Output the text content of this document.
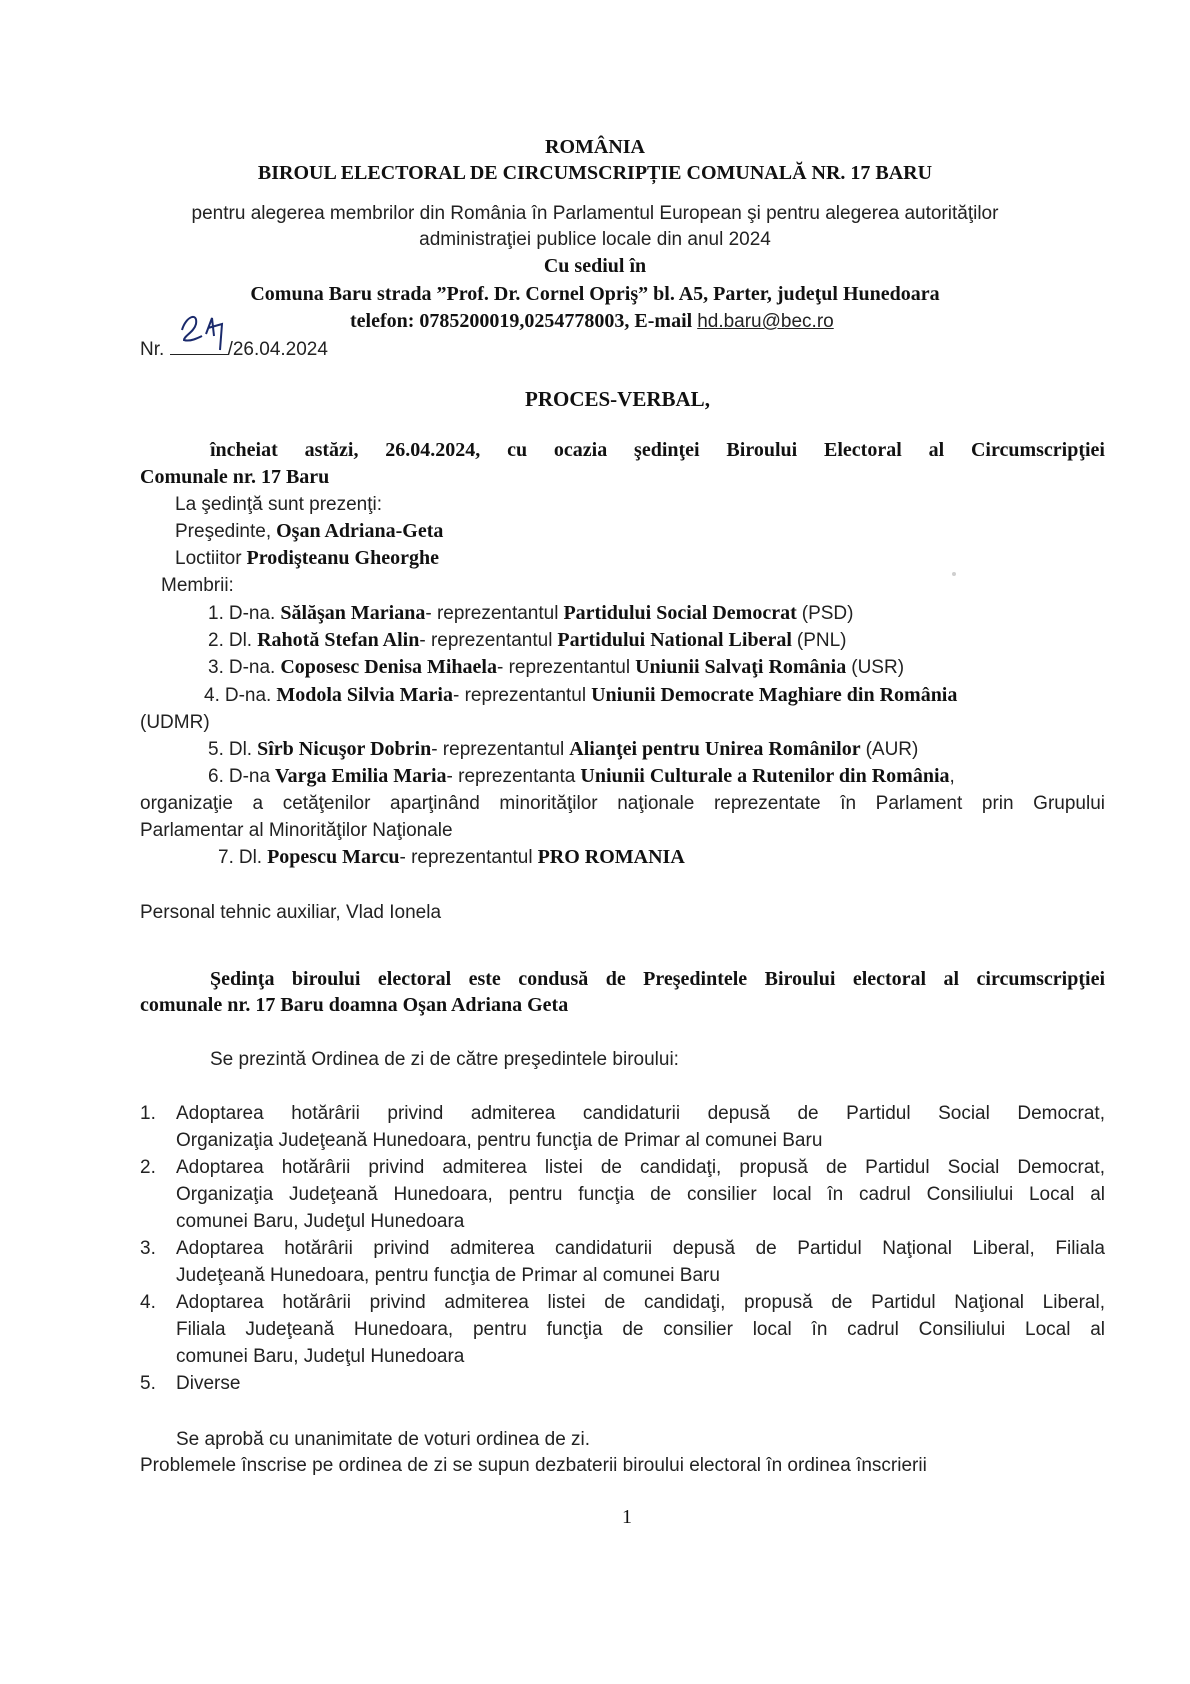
ROMÂNIA
BIROUL ELECTORAL DE CIRCUMSCRIPȚIE COMUNALĂ NR. 17 BARU
pentru alegerea membrilor din România în Parlamentul European şi pentru alegerea autorităţilor
administraţiei publice locale din anul 2024
Cu sediul în
Comuna Baru strada ”Prof. Dr. Cornel Opriş” bl. A5, Parter, judeţul Hunedoara
telefon: 0785200019,0254778003, E-mail hd.baru@bec.ro
Nr.	/26.04.2024
PROCES-VERBAL,
încheiat astăzi, 26.04.2024, cu ocazia şedinţei Biroului Electoral al Circumscripţiei
Comunale nr. 17 Baru
La şedinţă sunt prezenţi:
Preşedinte, Oşan Adriana-Geta
Loctiitor Prodişteanu Gheorghe
Membrii:
1. D-na. Sălăşan Mariana- reprezentantul Partidului Social Democrat (PSD)
2. Dl. Rahotă Stefan Alin- reprezentantul Partidului National Liberal (PNL)
3. D-na. Coposesc Denisa Mihaela- reprezentantul Uniunii Salvaţi România (USR)
4. D-na. Modola Silvia Maria- reprezentantul Uniunii Democrate Maghiare din România
(UDMR)
5. Dl. Sîrb Nicuşor Dobrin- reprezentantul Alianţei pentru Unirea Românilor (AUR)
6. D-na Varga Emilia Maria- reprezentanta Uniunii Culturale a Rutenilor din România,
organizaţie a cetăţenilor aparţinând minorităţilor naţionale reprezentate în Parlament prin Grupului
Parlamentar al Minorităţilor Naţionale
7. Dl. Popescu Marcu- reprezentantul PRO ROMANIA
Personal tehnic auxiliar, Vlad Ionela
Şedinţa biroului electoral este condusă de Preşedintele Biroului electoral al circumscripţiei
comunale nr. 17 Baru doamna Oşan Adriana Geta
Se prezintă Ordinea de zi de către preşedintele biroului:
1. Adoptarea hotărârii privind admiterea candidaturii depusă de Partidul Social Democrat,
Organizaţia Judeţeană Hunedoara, pentru funcţia de Primar al comunei Baru
2. Adoptarea hotărârii privind admiterea listei de candidaţi, propusă de Partidul Social Democrat,
Organizaţia Judeţeană Hunedoara, pentru funcţia de consilier local în cadrul Consiliului Local al
comunei Baru, Judeţul Hunedoara
3. Adoptarea hotărârii privind admiterea candidaturii depusă de Partidul Naţional Liberal, Filiala
Judeţeană Hunedoara, pentru funcţia de Primar al comunei Baru
4. Adoptarea hotărârii privind admiterea listei de candidaţi, propusă de Partidul Naţional Liberal,
Filiala Judeţeană Hunedoara, pentru funcţia de consilier local în cadrul Consiliului Local al
comunei Baru, Judeţul Hunedoara
5. Diverse
Se aprobă cu unanimitate de voturi ordinea de zi.
Problemele înscrise pe ordinea de zi se supun dezbaterii biroului electoral în ordinea înscrierii
1
